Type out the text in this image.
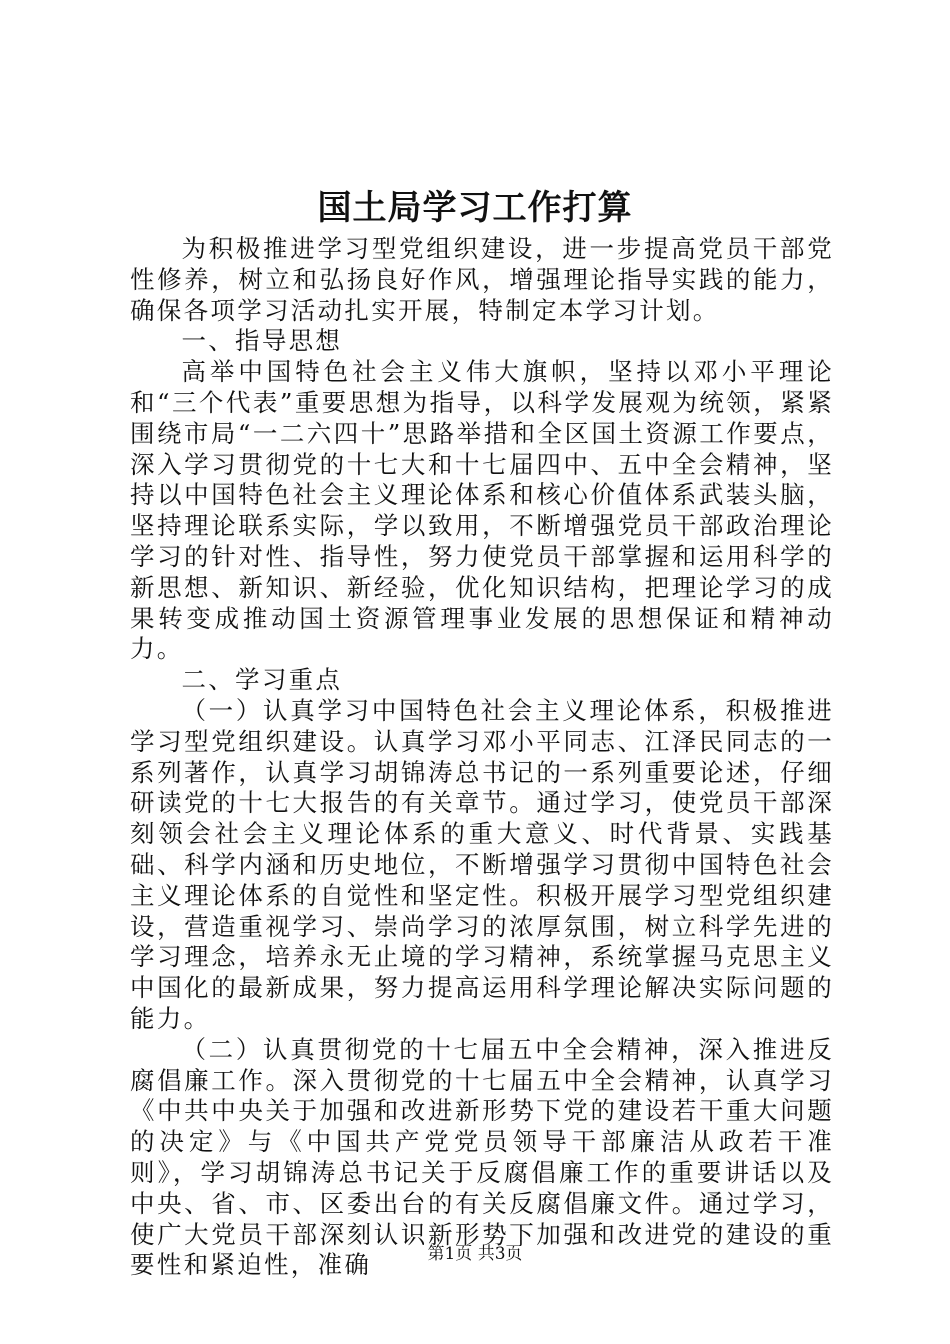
国土局学习工作打算

为积极推进学习型党组织建设，进一步提高党员干部党性修养，树立和弘扬良好作风，增强理论指导实践的能力，确保各项学习活动扎实开展，特制定本学习计划。

一、指导思想

高举中国特色社会主义伟大旗帜，坚持以邓小平理论和“三个代表”重要思想为指导，以科学发展观为统领，紧紧围绕市局“一二六四十”思路举措和全区国土资源工作要点，深入学习贯彻党的十七大和十七届四中、五中全会精神，坚持以中国特色社会主义理论体系和核心价值体系武装头脑，坚持理论联系实际，学以致用，不断增强党员干部政治理论学习的针对性、指导性，努力使党员干部掌握和运用科学的新思想、新知识、新经验，优化知识结构，把理论学习的成果转变成推动国土资源管理事业发展的思想保证和精神动力。

二、学习重点

（一）认真学习中国特色社会主义理论体系，积极推进学习型党组织建设。认真学习邓小平同志、江泽民同志的一系列著作，认真学习胡锦涛总书记的一系列重要论述，仔细研读党的十七大报告的有关章节。通过学习，使党员干部深刻领会社会主义理论体系的重大意义、时代背景、实践基础、科学内涵和历史地位，不断增强学习贯彻中国特色社会主义理论体系的自觉性和坚定性。积极开展学习型党组织建设，营造重视学习、崇尚学习的浓厚氛围，树立科学先进的学习理念，培养永无止境的学习精神，系统掌握马克思主义中国化的最新成果，努力提高运用科学理论解决实际问题的能力。

（二）认真贯彻党的十七届五中全会精神，深入推进反腐倡廉工作。深入贯彻党的十七届五中全会精神，认真学习《中共中央关于加强和改进新形势下党的建设若干重大问题的决定》与《中国共产党党员领导干部廉洁从政若干准则》，学习胡锦涛总书记关于反腐倡廉工作的重要讲话以及中央、省、市、区委出台的有关反腐倡廉文件。通过学习，使广大党员干部深刻认识新形势下加强和改进党的建设的重要性和紧迫性，准确	第1页 共3页
